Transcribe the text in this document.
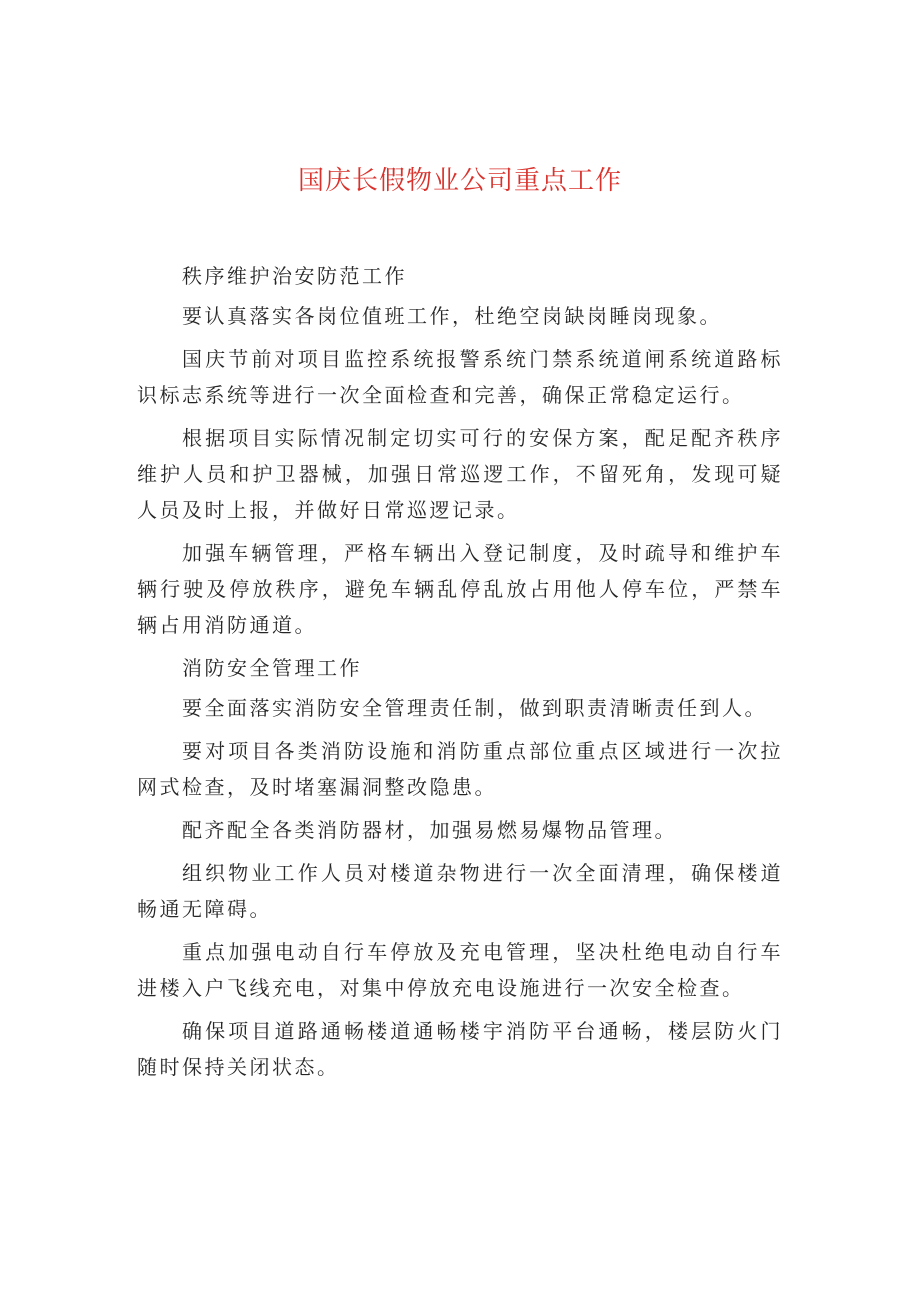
国庆长假物业公司重点工作

秩序维护治安防范工作

要认真落实各岗位值班工作，杜绝空岗缺岗睡岗现象。

国庆节前对项目监控系统报警系统门禁系统道闸系统道路标识标志系统等进行一次全面检查和完善，确保正常稳定运行。

根据项目实际情况制定切实可行的安保方案，配足配齐秩序维护人员和护卫器械，加强日常巡逻工作，不留死角，发现可疑人员及时上报，并做好日常巡逻记录。

加强车辆管理，严格车辆出入登记制度，及时疏导和维护车辆行驶及停放秩序，避免车辆乱停乱放占用他人停车位，严禁车辆占用消防通道。

消防安全管理工作

要全面落实消防安全管理责任制，做到职责清晰责任到人。

要对项目各类消防设施和消防重点部位重点区域进行一次拉网式检查，及时堵塞漏洞整改隐患。

配齐配全各类消防器材，加强易燃易爆物品管理。

组织物业工作人员对楼道杂物进行一次全面清理，确保楼道畅通无障碍。

重点加强电动自行车停放及充电管理，坚决杜绝电动自行车进楼入户飞线充电，对集中停放充电设施进行一次安全检查。

确保项目道路通畅楼道通畅楼宇消防平台通畅，楼层防火门随时保持关闭状态。
